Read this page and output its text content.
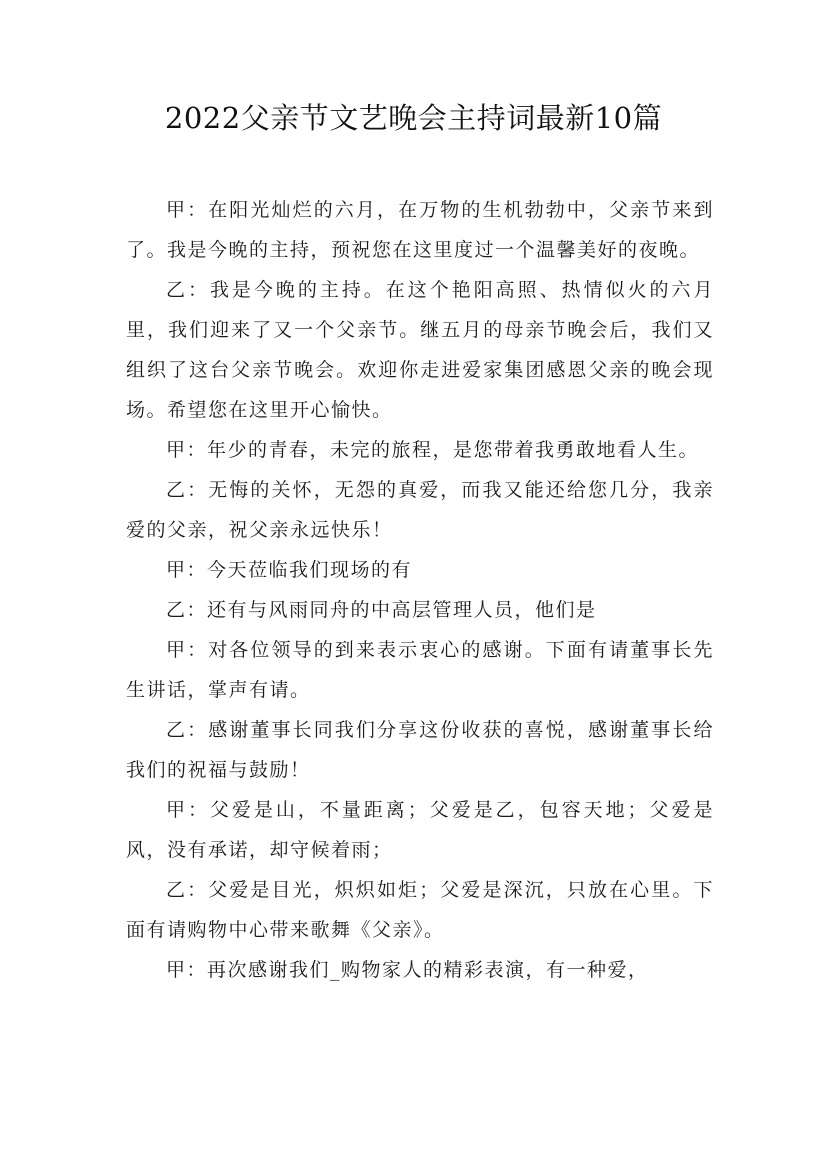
2022父亲节文艺晚会主持词最新10篇

甲：在阳光灿烂的六月，在万物的生机勃勃中，父亲节来到了。我是今晚的主持，预祝您在这里度过一个温馨美好的夜晚。

乙：我是今晚的主持。在这个艳阳高照、热情似火的六月里，我们迎来了又一个父亲节。继五月的母亲节晚会后，我们又组织了这台父亲节晚会。欢迎你走进爱家集团感恩父亲的晚会现场。希望您在这里开心愉快。

甲：年少的青春，未完的旅程，是您带着我勇敢地看人生。

乙：无悔的关怀，无怨的真爱，而我又能还给您几分，我亲爱的父亲，祝父亲永远快乐！

甲：今天莅临我们现场的有

乙：还有与风雨同舟的中高层管理人员，他们是

甲：对各位领导的到来表示衷心的感谢。下面有请董事长先生讲话，掌声有请。

乙：感谢董事长同我们分享这份收获的喜悦，感谢董事长给我们的祝福与鼓励！

甲：父爱是山，不量距离；父爱是乙，包容天地；父爱是风，没有承诺，却守候着雨；

乙：父爱是目光，炽炽如炬；父爱是深沉，只放在心里。下面有请购物中心带来歌舞《父亲》。

甲：再次感谢我们_购物家人的精彩表演，有一种爱，
